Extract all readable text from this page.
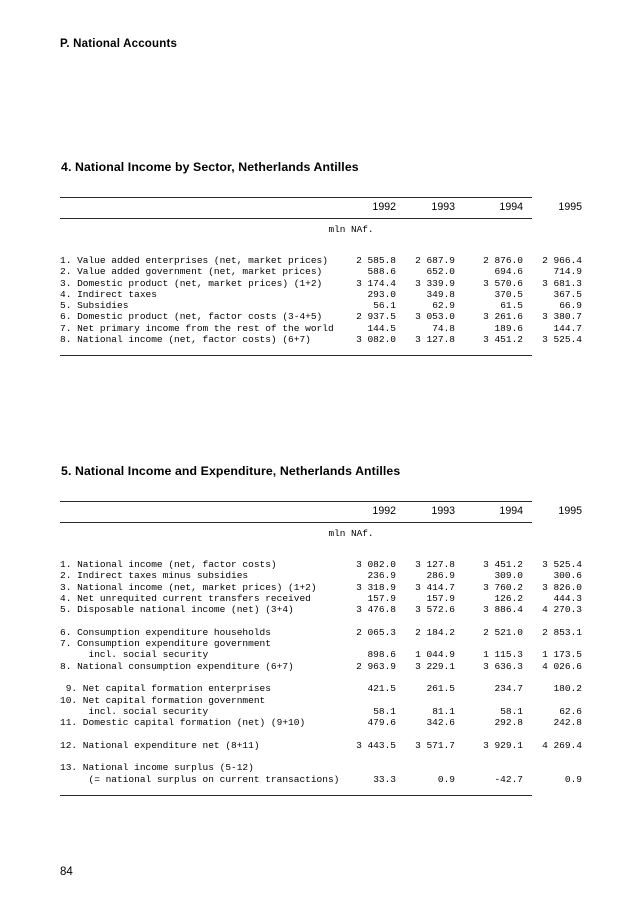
P. National Accounts
4. National Income by Sector, Netherlands Antilles
1992	1993	1994	1995
mln NAf.
1. Value added enterprises (net, market prices)	2 585.8	2 687.9	2 876.0	2 966.4
2. Value added government (net, market prices)	588.6	652.0	694.6	714.9
3. Domestic product (net, market prices) (1+2)	3 174.4	3 339.9	3 570.6	3 681.3
4. Indirect taxes	293.0	349.8	370.5	367.5
5. Subsidies	56.1	62.9	61.5	66.9
6. Domestic product (net, factor costs (3-4+5)	2 937.5	3 053.0	3 261.6	3 380.7
7. Net primary income from the rest of the world	144.5	74.8	189.6	144.7
8. National income (net, factor costs) (6+7)	3 082.0	3 127.8	3 451.2	3 525.4
5. National Income and Expenditure, Netherlands Antilles
1992	1993	1994	1995
mln NAf.
1. National income (net, factor costs)	3 082.0	3 127.8	3 451.2	3 525.4
2. Indirect taxes minus subsidies	236.9	286.9	309.0	300.6
3. National income (net, market prices) (1+2)	3 318.9	3 414.7	3 760.2	3 826.0
4. Net unrequited current transfers received	157.9	157.9	126.2	444.3
5. Disposable national income (net) (3+4)	3 476.8	3 572.6	3 886.4	4 270.3
6. Consumption expenditure households	2 065.3	2 184.2	2 521.0	2 853.1
7. Consumption expenditure government
incl. social security	898.6	1 044.9	1 115.3	1 173.5
8. National consumption expenditure (6+7)	2 963.9	3 229.1	3 636.3	4 026.6
9. Net capital formation enterprises	421.5	261.5	234.7	180.2
10. Net capital formation government
incl. social security	58.1	81.1	58.1	62.6
11. Domestic capital formation (net) (9+10)	479.6	342.6	292.8	242.8
12. National expenditure net (8+11)	3 443.5	3 571.7	3 929.1	4 269.4
13. National income surplus (5-12)
(= national surplus on current transactions)	33.3	0.9	-42.7	0.9
84
